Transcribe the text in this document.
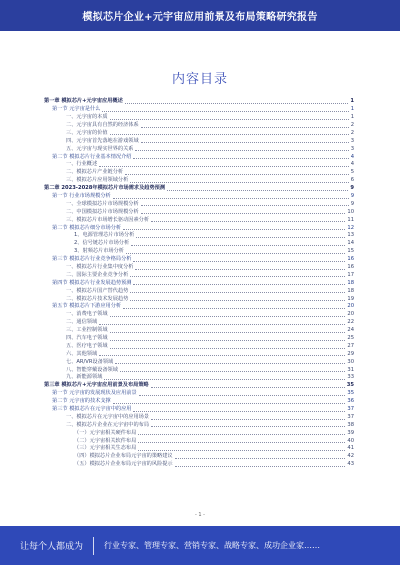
模拟芯片企业+元宇宙应用前景及布局策略研究报告
内容目录
第一章 模拟芯片+元宇宙应用概述	1
第一节 元宇宙是什么	1
一、元宇宙的本质	1
二、元宇宙具有自然的经济体系	2
三、元宇宙的价值	2
四、元宇宙首先落地在游戏领域	3
五、元宇宙与现实世界的关系	3
第二节 模拟芯片行业基本情况介绍	4
一、行业概述	4
二、模拟芯片产业链分析	5
三、模拟芯片应用领域分析	6
第二章 2023-2028年模拟芯片市场需求及趋势预测	9
第一节 行业市场规模分析	9
一、全球模拟芯片市场规模分析	9
二、中国模拟芯片市场规模分析	10
三、模拟芯片市场增长驱动因素分析	11
第二节 模拟芯片细分市场分析	12
1、电源管理芯片市场分析	13
2、信号链芯片市场分析	14
3、射频芯片市场分析	15
第三节 模拟芯片行业竞争格局分析	16
一、模拟芯片行业集中度分析	16
二、国际主要企业竞争分析	17
第四节 模拟芯片行业发展趋势预测	18
一、模拟芯片国产替代趋势	18
二、模拟芯片技术发展趋势	19
第五节 模拟芯片下游应用分析	20
一、消费电子领域	20
二、通信领域	22
三、工业控制领域	24
四、汽车电子领域	25
五、医疗电子领域	27
六、其他领域	29
七、AR/VR设备领域	30
八、智能穿戴设备领域	31
九、新能源领域	33
第三章 模拟芯片+元宇宙应用前景及布局策略	35
第一节 元宇宙的发展现状及应用前景	35
第二节 元宇宙的技术支撑	36
第三节 模拟芯片在元宇宙中的应用	37
一、模拟芯片在元宇宙中的应用场景	37
二、模拟芯片企业在元宇宙中的布局	38
（一）元宇宙相关硬件布局	39
（二）元宇宙相关软件布局	40
（三）元宇宙相关生态布局	41
（四）模拟芯片企业布局元宇宙的策略建议	42
（五）模拟芯片企业布局元宇宙的风险提示	43
- 1 -
让每个人都成为	行业专家、管理专家、营销专家、战略专家、成功企业家……
